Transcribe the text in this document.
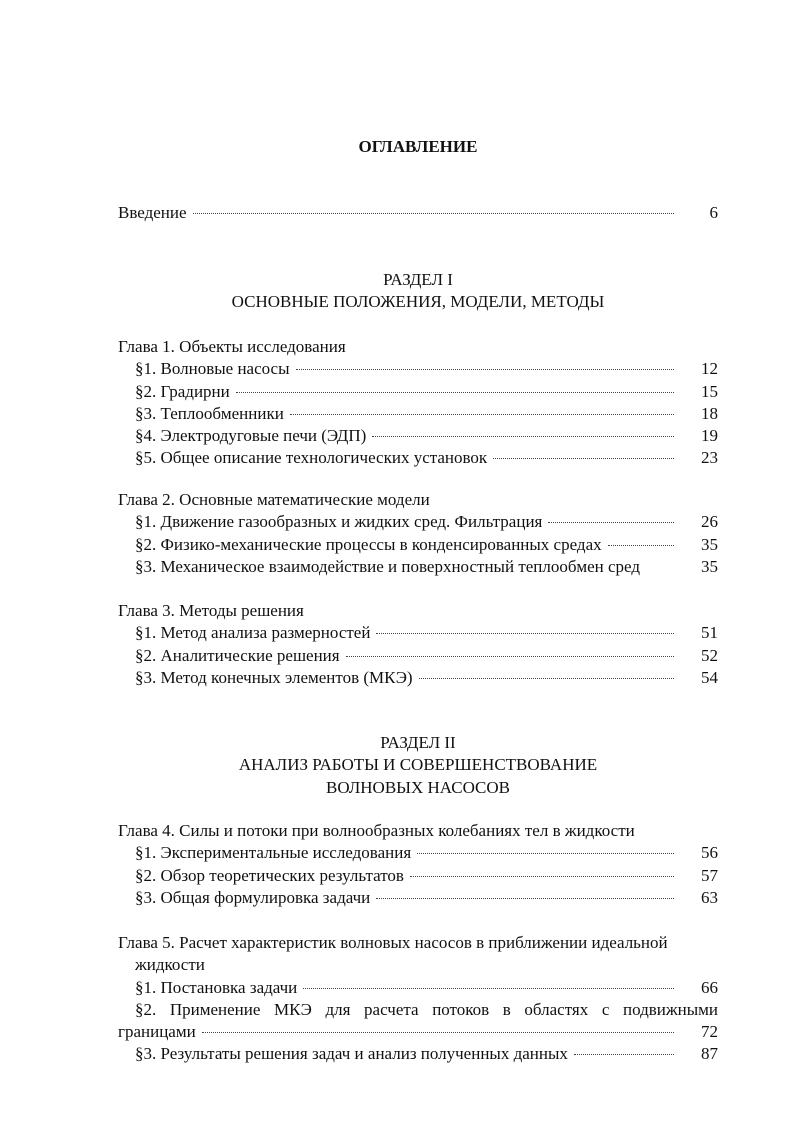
ОГЛАВЛЕНИЕ
Введение	6
РАЗДЕЛ I
ОСНОВНЫЕ ПОЛОЖЕНИЯ, МОДЕЛИ, МЕТОДЫ
Глава 1. Объекты исследования
§1. Волновые насосы	12
§2. Градирни	15
§3. Теплообменники	18
§4. Электродуговые печи (ЭДП)	19
§5. Общее описание технологических установок	23
Глава 2. Основные математические модели
§1. Движение газообразных и жидких сред. Фильтрация	26
§2. Физико-механические процессы в конденсированных средах	35
§3. Механическое взаимодействие и поверхностный теплообмен сред	35
Глава 3. Методы решения
§1. Метод анализа размерностей	51
§2. Аналитические решения	52
§3. Метод конечных элементов (МКЭ)	54
РАЗДЕЛ II
АНАЛИЗ РАБОТЫ И СОВЕРШЕНСТВОВАНИЕ
ВОЛНОВЫХ НАСОСОВ
Глава 4. Силы и потоки при волнообразных колебаниях тел в жидкости
§1. Экспериментальные исследования	56
§2. Обзор теоретических результатов	57
§3. Общая формулировка задачи	63
Глава 5. Расчет характеристик волновых насосов в приближении идеальной
жидкости
§1. Постановка задачи	66
§2. Применение МКЭ для расчета потоков в областях с подвижными
границами	72
§3. Результаты решения задач и анализ полученных данных	87
